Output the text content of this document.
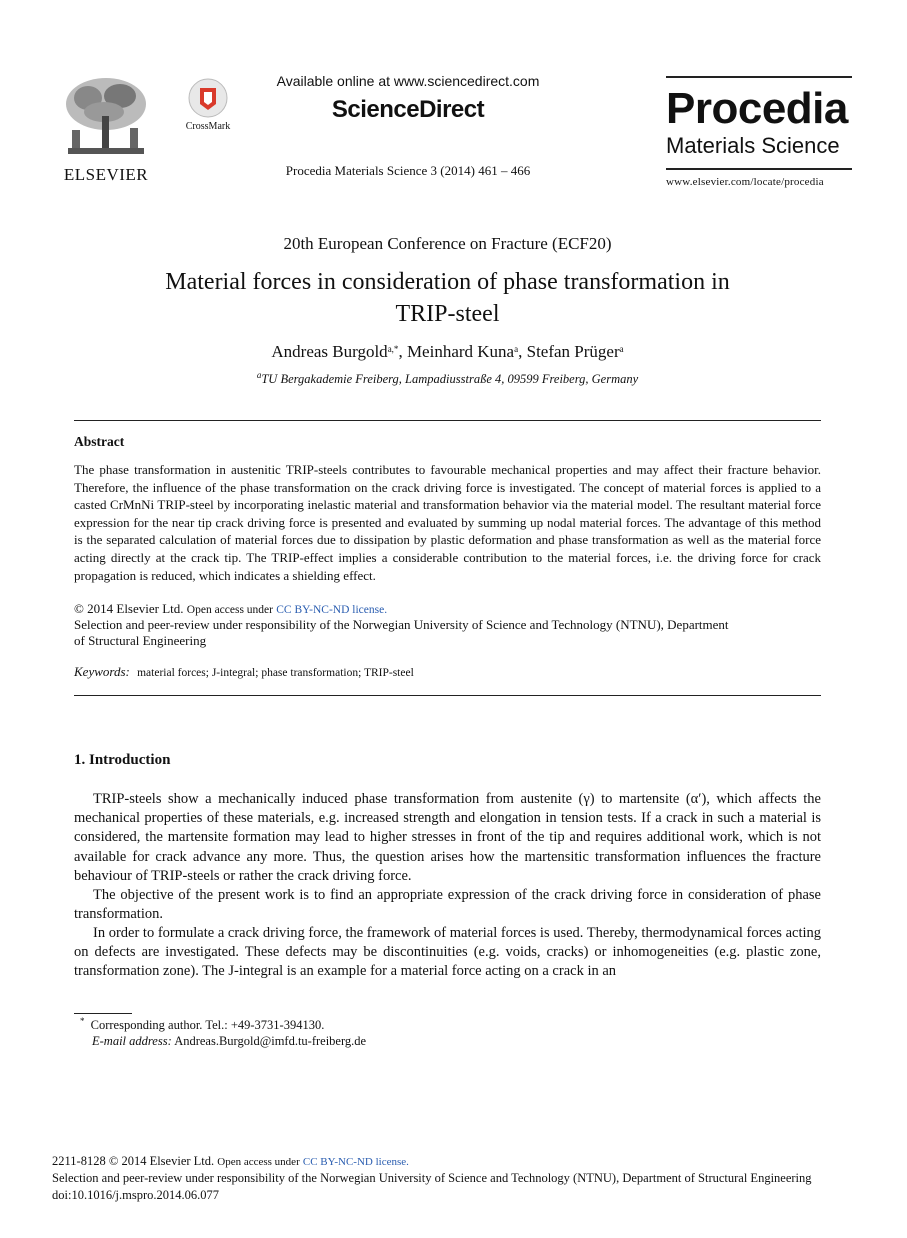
ELSEVIER
CrossMark
Available online at www.sciencedirect.com
ScienceDirect
Procedia Materials Science 3 (2014) 461 – 466
Procedia
Materials Science
www.elsevier.com/locate/procedia
20th European Conference on Fracture (ECF20)
Material forces in consideration of phase transformation in
TRIP-steel
Andreas Burgold$^{a,*}$, Meinhard Kuna$^a$, Stefan Prüger$^a$
$^a$TU Bergakademie Freiberg, Lampadiusstraße 4, 09599 Freiberg, Germany
Abstract
The phase transformation in austenitic TRIP-steels contributes to favourable mechanical properties and may affect their fracture behavior. Therefore, the influence of the phase transformation on the crack driving force is investigated. The concept of material forces is applied to a casted CrMnNi TRIP-steel by incorporating inelastic material and transformation behavior via the material model. The resultant material force expression for the near tip crack driving force is presented and evaluated by summing up nodal material forces. The advantage of this method is the separated calculation of material forces due to dissipation by plastic deformation and phase transformation as well as the material force acting directly at the crack tip. The TRIP-effect implies a considerable contribution to the material forces, i.e. the driving force for crack propagation is reduced, which indicates a shielding effect.
© 2014 Elsevier Ltd. Open access under CC BY-NC-ND license.
Selection and peer-review under responsibility of the Norwegian University of Science and Technology (NTNU), Department
of Structural Engineering
Keywords: material forces; J-integral; phase transformation; TRIP-steel
1. Introduction
TRIP-steels show a mechanically induced phase transformation from austenite (γ) to martensite (α′), which affects the mechanical properties of these materials, e.g. increased strength and elongation in tension tests. If a crack in such a material is considered, the martensite formation may lead to higher stresses in front of the tip and requires additional work, which is not available for crack advance any more. Thus, the question arises how the martensitic transformation influences the fracture behaviour of TRIP-steels or rather the crack driving force.
The objective of the present work is to find an appropriate expression of the crack driving force in consideration of phase transformation.
In order to formulate a crack driving force, the framework of material forces is used. Thereby, thermodynamical forces acting on defects are investigated. These defects may be discontinuities (e.g. voids, cracks) or inhomogeneities (e.g. plastic zone, transformation zone). The J-integral is an example for a material force acting on a crack in an
* Corresponding author. Tel.: +49-3731-394130.
E-mail address: Andreas.Burgold@imfd.tu-freiberg.de
2211-8128 © 2014 Elsevier Ltd. Open access under CC BY-NC-ND license.
Selection and peer-review under responsibility of the Norwegian University of Science and Technology (NTNU), Department of Structural Engineering
doi:10.1016/j.mspro.2014.06.077
